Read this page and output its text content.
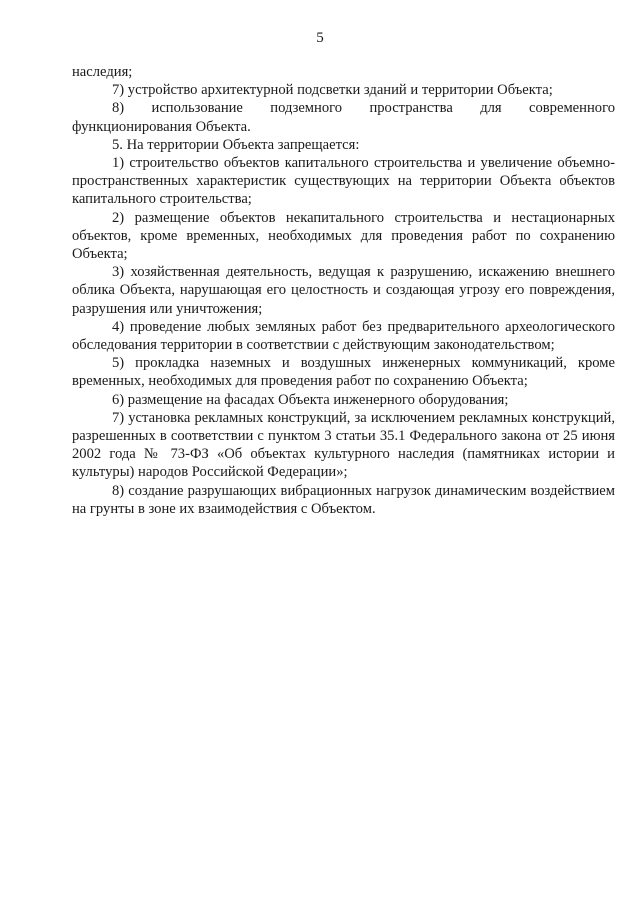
5

наследия;

7) устройство архитектурной подсветки зданий и территории Объекта;

8) использование подземного пространства для современного функционирования Объекта.

5. На территории Объекта запрещается:

1) строительство объектов капитального строительства и увеличение объемно-пространственных характеристик существующих на территории Объекта объектов капитального строительства;

2) размещение объектов некапитального строительства и нестационарных объектов, кроме временных, необходимых для проведения работ по сохранению Объекта;

3) хозяйственная деятельность, ведущая к разрушению, искажению внешнего облика Объекта, нарушающая его целостность и создающая угрозу его повреждения, разрушения или уничтожения;

4) проведение любых земляных работ без предварительного археологического обследования территории в соответствии с действующим законодательством;

5) прокладка наземных и воздушных инженерных коммуникаций, кроме временных, необходимых для проведения работ по сохранению Объекта;

6) размещение на фасадах Объекта инженерного оборудования;

7) установка рекламных конструкций, за исключением рекламных конструкций, разрешенных в соответствии с пунктом 3 статьи 35.1 Федерального закона от 25 июня 2002 года № 73-ФЗ «Об объектах культурного наследия (памятниках истории и культуры) народов Российской Федерации»;

8) создание разрушающих вибрационных нагрузок динамическим воздействием на грунты в зоне их взаимодействия с Объектом.
